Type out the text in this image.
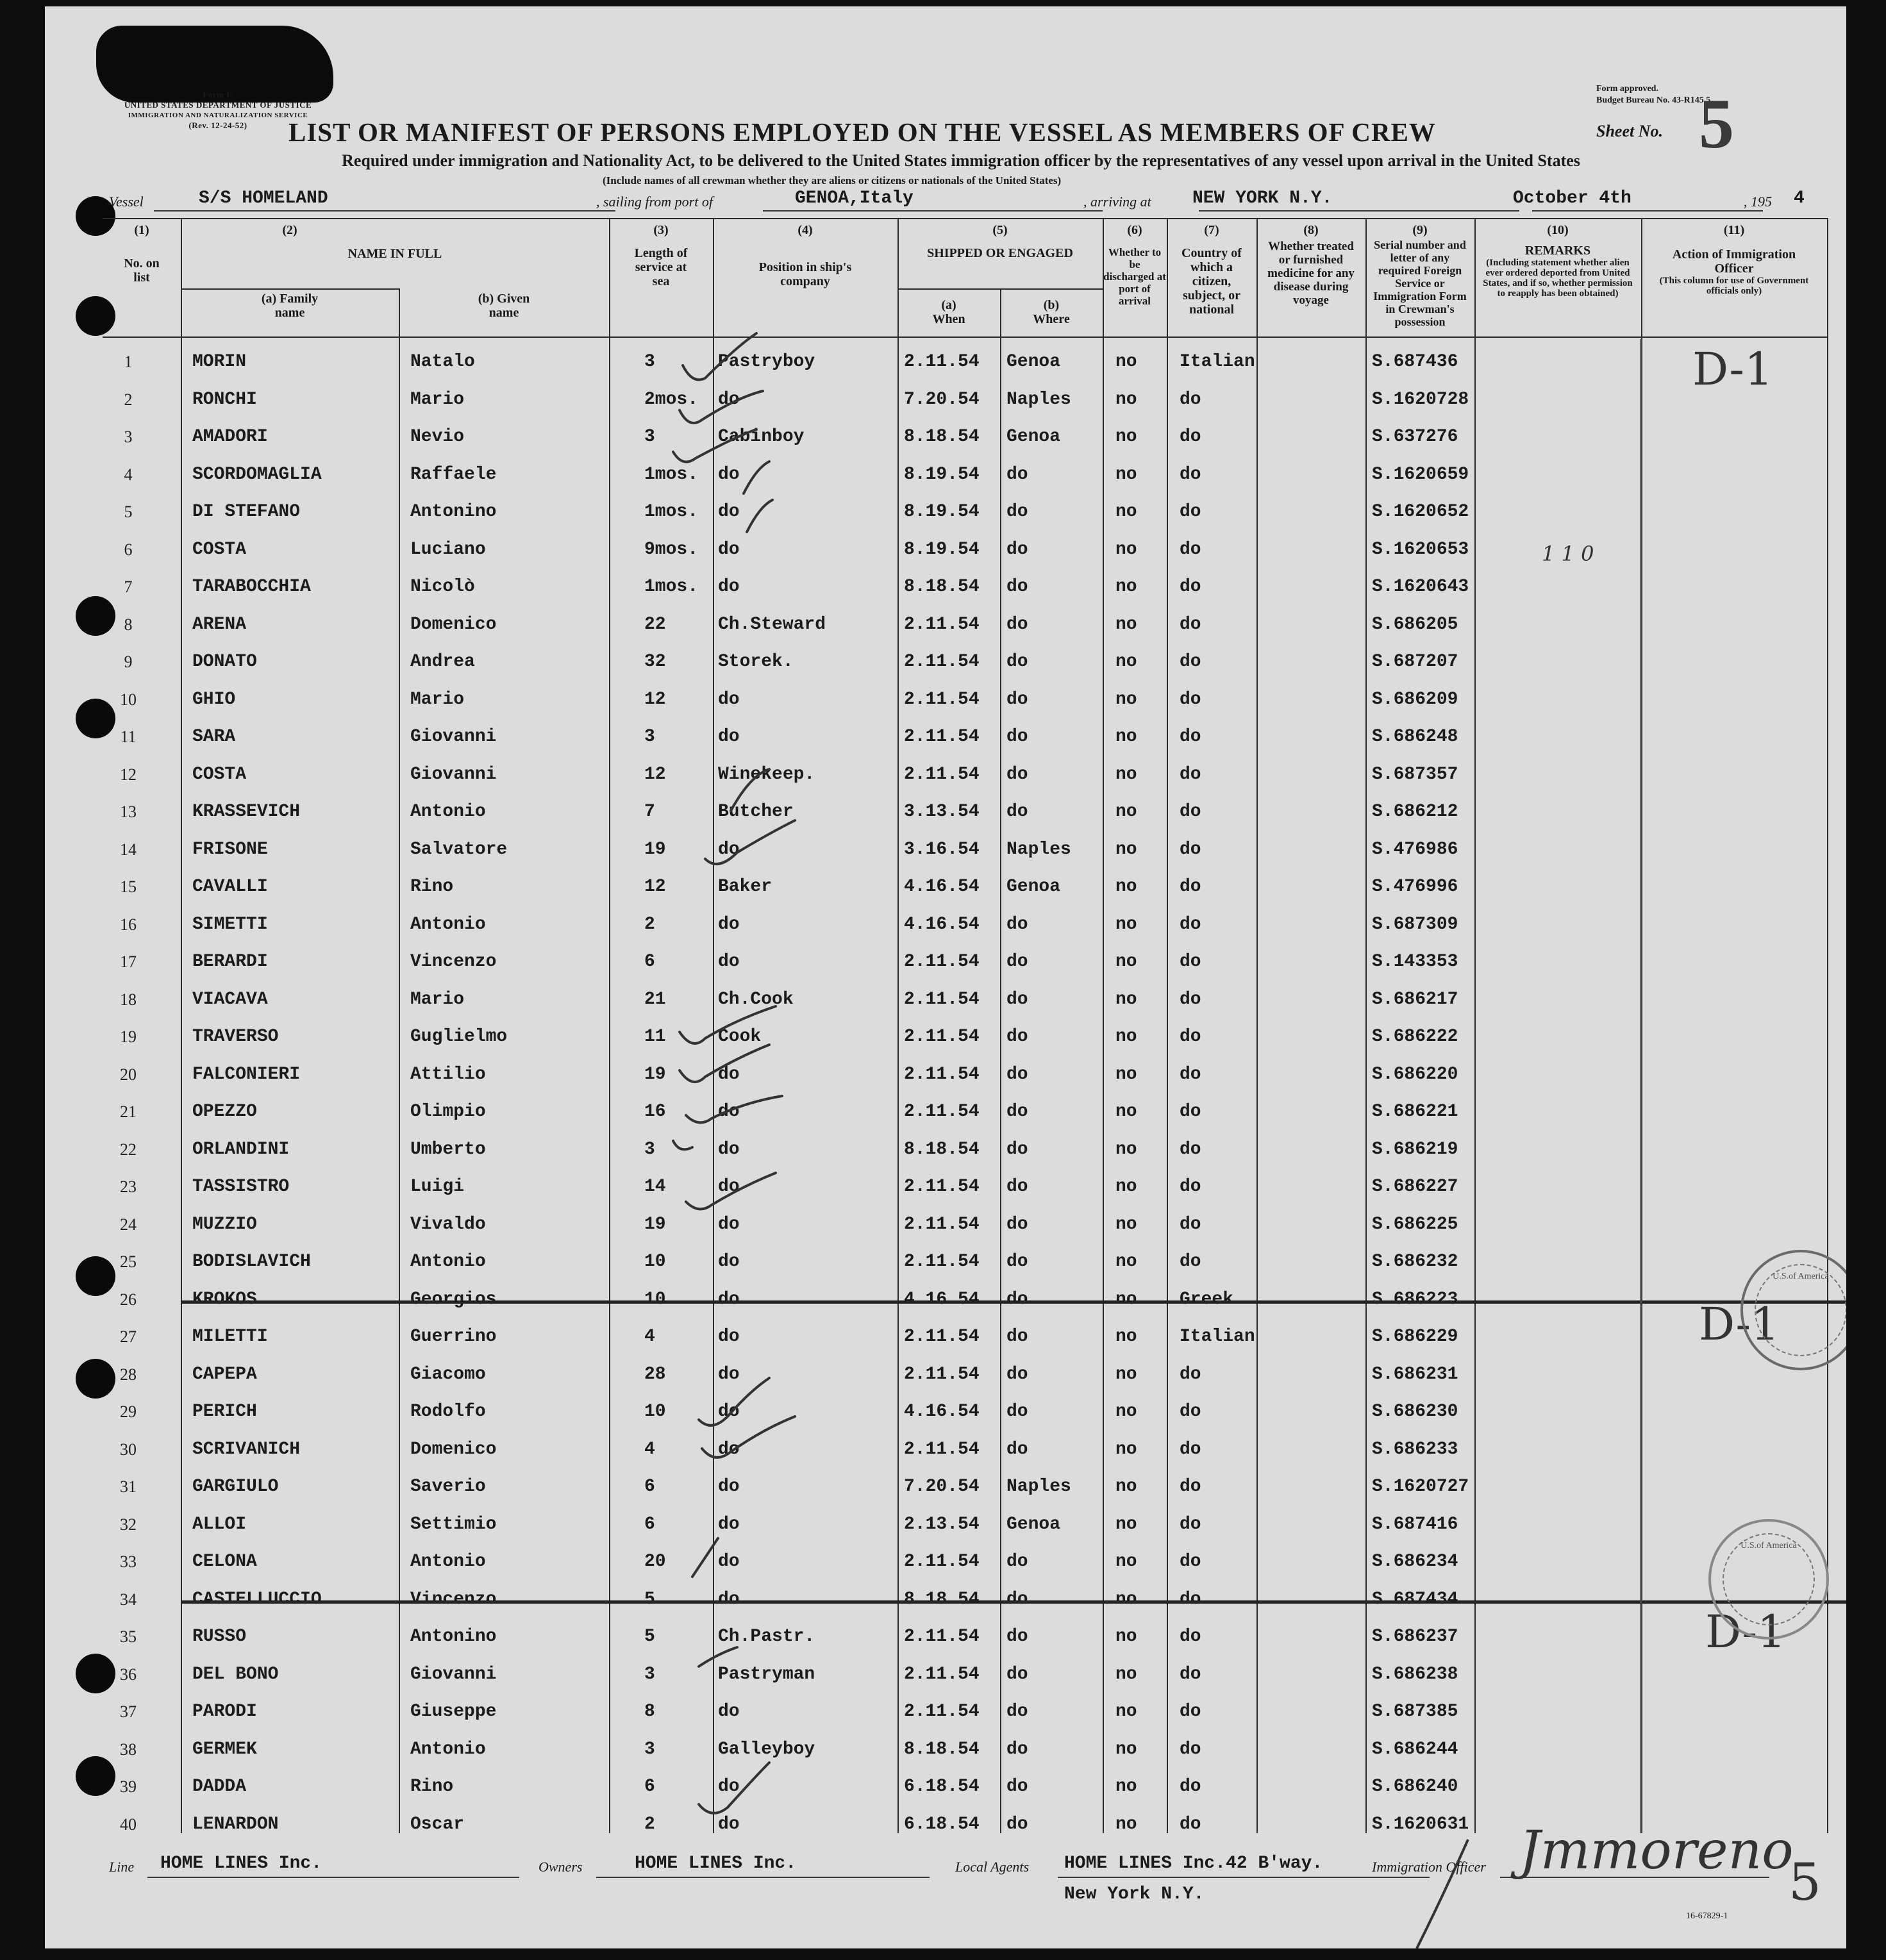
Form I-
UNITED STATES DEPARTMENT OF JUSTICE
IMMIGRATION AND NATURALIZATION SERVICE
(Rev. 12-24-52)
Form approved.
Budget Bureau No. 43-R145.5.
Sheet No. 5
LIST OR MANIFEST OF PERSONS EMPLOYED ON THE VESSEL AS MEMBERS OF CREW
Required under immigration and Nationality Act, to be delivered to the United States immigration officer by the representatives of any vessel upon arrival in the United States
(Include names of all crewman whether they are aliens or citizens or nationals of the United States)
Vessel	S/S HOMELAND	, sailing from port of	GENOA,Italy	, arriving at NEW YORK N.Y.	October 4th	, 195 4
(1)
No. on list
(2)
NAME IN FULL
(a) Family name
(b) Given name
(3)
Length of service at sea
(4)
Position in ship's company
(5)
SHIPPED OR ENGAGED
(a) When
(b) Where
(6)
Whether to be discharged at port of arrival
(7)
Country of which a citizen, subject, or national
(8)
Whether treated or furnished medicine for any disease during voyage
(9)
Serial number and letter of any required Foreign Service or Immigration Form in Crewman's possession
(10)
REMARKS
(Including statement whether alien ever ordered deported from United States, and if so, whether permission to reapply has been obtained)
(11)
Action of Immigration Officer
(This column for use of Government officials only)
1	MORIN	Natalo	3	Pastryboy	2.11.54 Genoa	no Italian	S.687436
2	RONCHI	Mario	2mos. do	7.20.54 Naples no do	S.1620728
3	AMADORI	Nevio	3	Cabinboy	8.18.54 Genoa	no do	S.637276
4	SCORDOMAGLIA	Raffaele	1mos. do	8.19.54 do	no do	S.1620659
5	DI STEFANO	Antonino	1mos. do	8.19.54 do	no do	S.1620652
6	COSTA	Luciano	9mos. do	8.19.54 do	no do	S.1620653
7	TARABOCCHIA	Nicolò	1mos. do	8.18.54 do	no do	S.1620643
8	ARENA	Domenico	22	Ch.Steward	2.11.54 do	no do	S.686205
9	DONATO	Andrea	32	Storek.	2.11.54 do	no do	S.687207
10	GHIO	Mario	12	do	2.11.54 do	no do	S.686209
11	SARA	Giovanni	3	do	2.11.54 do	no do	S.686248
12	COSTA	Giovanni	12	Winekeep.	2.11.54 do	no do	S.687357
13	KRASSEVICH	Antonio	7	Butcher	3.13.54 do	no do	S.686212
14	FRISONE	Salvatore	19	do	3.16.54 Naples no do	S.476986
15	CAVALLI	Rino	12	Baker	4.16.54 Genoa	no do	S.476996
16	SIMETTI	Antonio	2	do	4.16.54 do	no do	S.687309
17	BERARDI	Vincenzo	6	do	2.11.54 do	no do	S.143353
18	VIACAVA	Mario	21	Ch.Cook	2.11.54 do	no do	S.686217
19	TRAVERSO	Guglielmo	11	Cook	2.11.54 do	no do	S.686222
20	FALCONIERI	Attilio	19	do	2.11.54 do	no do	S.686220
21	OPEZZO	Olimpio	16	do	2.11.54 do	no do	S.686221
22	ORLANDINI	Umberto	3	do	8.18.54 do	no do	S.686219
23	TASSISTRO	Luigi	14	do	2.11.54 do	no do	S.686227
24	MUZZIO	Vivaldo	19	do	2.11.54 do	no do	S.686225
25	BODISLAVICH	Antonio	10	do	2.11.54 do	no do	S.686232
26	KROKOS	Georgios	10	do	4.16.54 do	no Greek	S.686223
27	MILETTI	Guerrino	4	do	2.11.54 do	no Italian	S.686229
28	CAPEPA	Giacomo	28	do	2.11.54 do	no do	S.686231
29	PERICH	Rodolfo	10	do	4.16.54 do	no do	S.686230
30	SCRIVANICH	Domenico	4	do	2.11.54 do	no do	S.686233
31	GARGIULO	Saverio	6	do	7.20.54 Naples no do	S.1620727
32	ALLOI	Settimio	6	do	2.13.54 Genoa	no do	S.687416
33	CELONA	Antonio	20	do	2.11.54 do	no do	S.686234
34	CASTELLUCCIO	Vincenzo	5	do	8.18.54 do	no do	S.687434
35	RUSSO	Antonino	5	Ch.Pastr.	2.11.54 do	no do	S.686237
36	DEL BONO	Giovanni	3	Pastryman	2.11.54 do	no do	S.686238
37	PARODI	Giuseppe	8	do	2.11.54 do	no do	S.687385
38	GERMEK	Antonio	3	Galleyboy	8.18.54 do	no do	S.686244
39	DADDA	Rino	6	do	6.18.54 do	no do	S.686240
40	LENARDON	Oscar	2	do	6.18.54 do	no do	S.1620631
1 1 0
D-1
D-1
D-1
U.S.of America
U.S.of America
Line HOME LINES Inc.	Owners	HOME LINES Inc.	Local Agents HOME LINES Inc.42 B'way.
New York N.Y.
Immigration Officer Jmmoreno
16-67829-1
5
